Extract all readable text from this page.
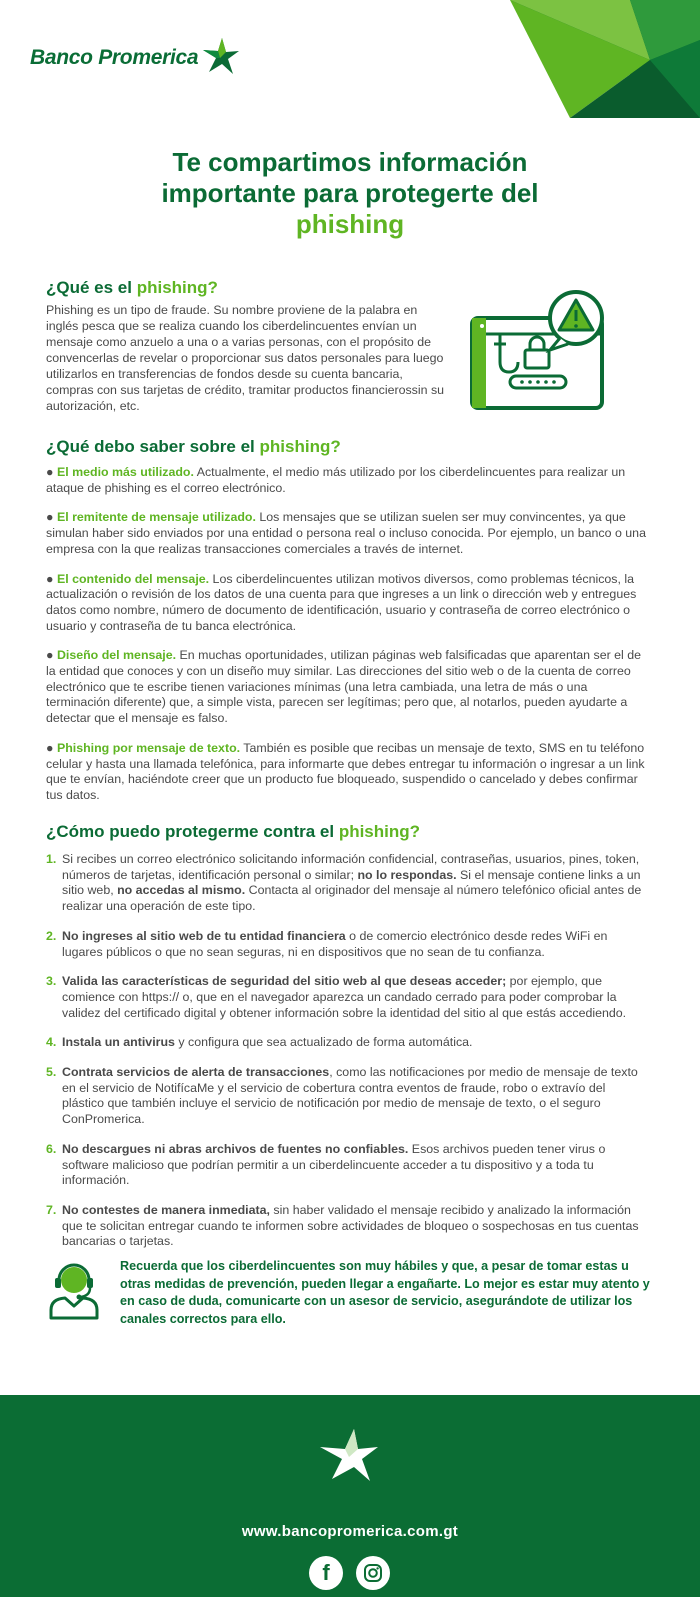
Banco Promerica
Te compartimos información
importante para protegerte del
phishing
¿Qué es el phishing?

Phishing es un tipo de fraude. Su nombre proviene de la palabra en inglés pesca que se realiza cuando los ciberdelincuentes envían un mensaje como anzuelo a una o a varias personas, con el propósito de convencerlas de revelar o proporcionar sus datos personales para luego utilizarlos en transferencias de fondos desde su cuenta bancaria, compras con sus tarjetas de crédito, tramitar productos financierossin su autorización, etc.

¿Qué debo saber sobre el phishing?
● El medio más utilizado. Actualmente, el medio más utilizado por los ciberdelincuentes para realizar un ataque de phishing es el correo electrónico.
● El remitente de mensaje utilizado. Los mensajes que se utilizan suelen ser muy convincentes, ya que simulan haber sido enviados por una entidad o persona real o incluso conocida. Por ejemplo, un banco o una empresa con la que realizas transacciones comerciales a través de internet.
● El contenido del mensaje. Los ciberdelincuentes utilizan motivos diversos, como problemas técnicos, la actualización o revisión de los datos de una cuenta para que ingreses a un link o dirección web y entregues datos como nombre, número de documento de identificación, usuario y contraseña de correo electrónico o usuario y contraseña de tu banca electrónica.
● Diseño del mensaje. En muchas oportunidades, utilizan páginas web falsificadas que aparentan ser el de la entidad que conoces y con un diseño muy similar. Las direcciones del sitio web o de la cuenta de correo electrónico que te escribe tienen variaciones mínimas (una letra cambiada, una letra de más o una terminación diferente) que, a simple vista, parecen ser legítimas; pero que, al notarlos, pueden ayudarte a detectar que el mensaje es falso.
● Phishing por mensaje de texto. También es posible que recibas un mensaje de texto, SMS en tu teléfono celular y hasta una llamada telefónica, para informarte que debes entregar tu información o ingresar a un link que te envían, haciéndote creer que un producto fue bloqueado, suspendido o cancelado y debes confirmar tus datos.
¿Cómo puedo protegerme contra el phishing?
1. Si recibes un correo electrónico solicitando información confidencial, contraseñas, usuarios, pines, token, números de tarjetas, identificación personal o similar; no lo respondas. Si el mensaje contiene links a un sitio web, no accedas al mismo. Contacta al originador del mensaje al número telefónico oficial antes de realizar una operación de este tipo.
2. No ingreses al sitio web de tu entidad financiera o de comercio electrónico desde redes WiFi en lugares públicos o que no sean seguras, ni en dispositivos que no sean de tu confianza.
3. Valida las características de seguridad del sitio web al que deseas acceder; por ejemplo, que comience con https:// o, que en el navegador aparezca un candado cerrado para poder comprobar la validez del certificado digital y obtener información sobre la identidad del sitio al que estás accediendo.
4. Instala un antivirus y configura que sea actualizado de forma automática.
5. Contrata servicios de alerta de transacciones, como las notificaciones por medio de mensaje de texto en el servicio de NotifícaMe y el servicio de cobertura contra eventos de fraude, robo o extravío del plástico que también incluye el servicio de notificación por medio de mensaje de texto, o el seguro ConPromerica.
6. No descargues ni abras archivos de fuentes no confiables. Esos archivos pueden tener virus o software malicioso que podrían permitir a un ciberdelincuente acceder a tu dispositivo y a toda tu información.
7. No contestes de manera inmediata, sin haber validado el mensaje recibido y analizado la información que te solicitan entregar cuando te informen sobre actividades de bloqueo o sospechosas en tus cuentas bancarias o tarjetas.
Recuerda que los ciberdelincuentes son muy hábiles y que, a pesar de tomar estas u otras medidas de prevención, pueden llegar a engañarte. Lo mejor es estar muy atento y en caso de duda, comunicarte con un asesor de servicio, asegurándote de utilizar los canales correctos para ello.
www.bancopromerica.com.gt
f
